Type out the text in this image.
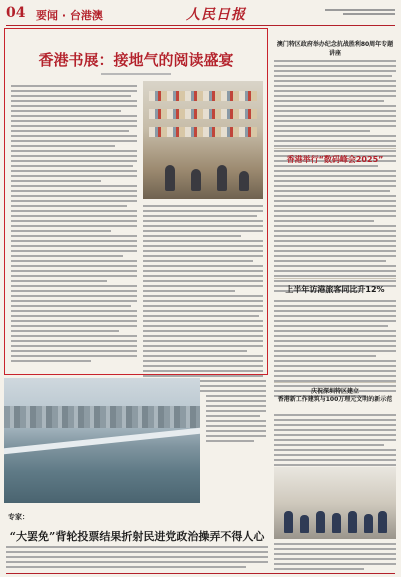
04 要闻 · 台港澳	人民日报
香港书展：接地气的阅读盛宴
澳门特区政府举办纪念抗战胜利80周年专题讲座
香港举行“数码峰会2025”
上半年访港旅客同比升12%
庆祝深圳特区建立
香港新工作建筑与100万理元文明的新示范
专家：
“大罢免”背轮投票结果折射民进党政治操弄不得人心
